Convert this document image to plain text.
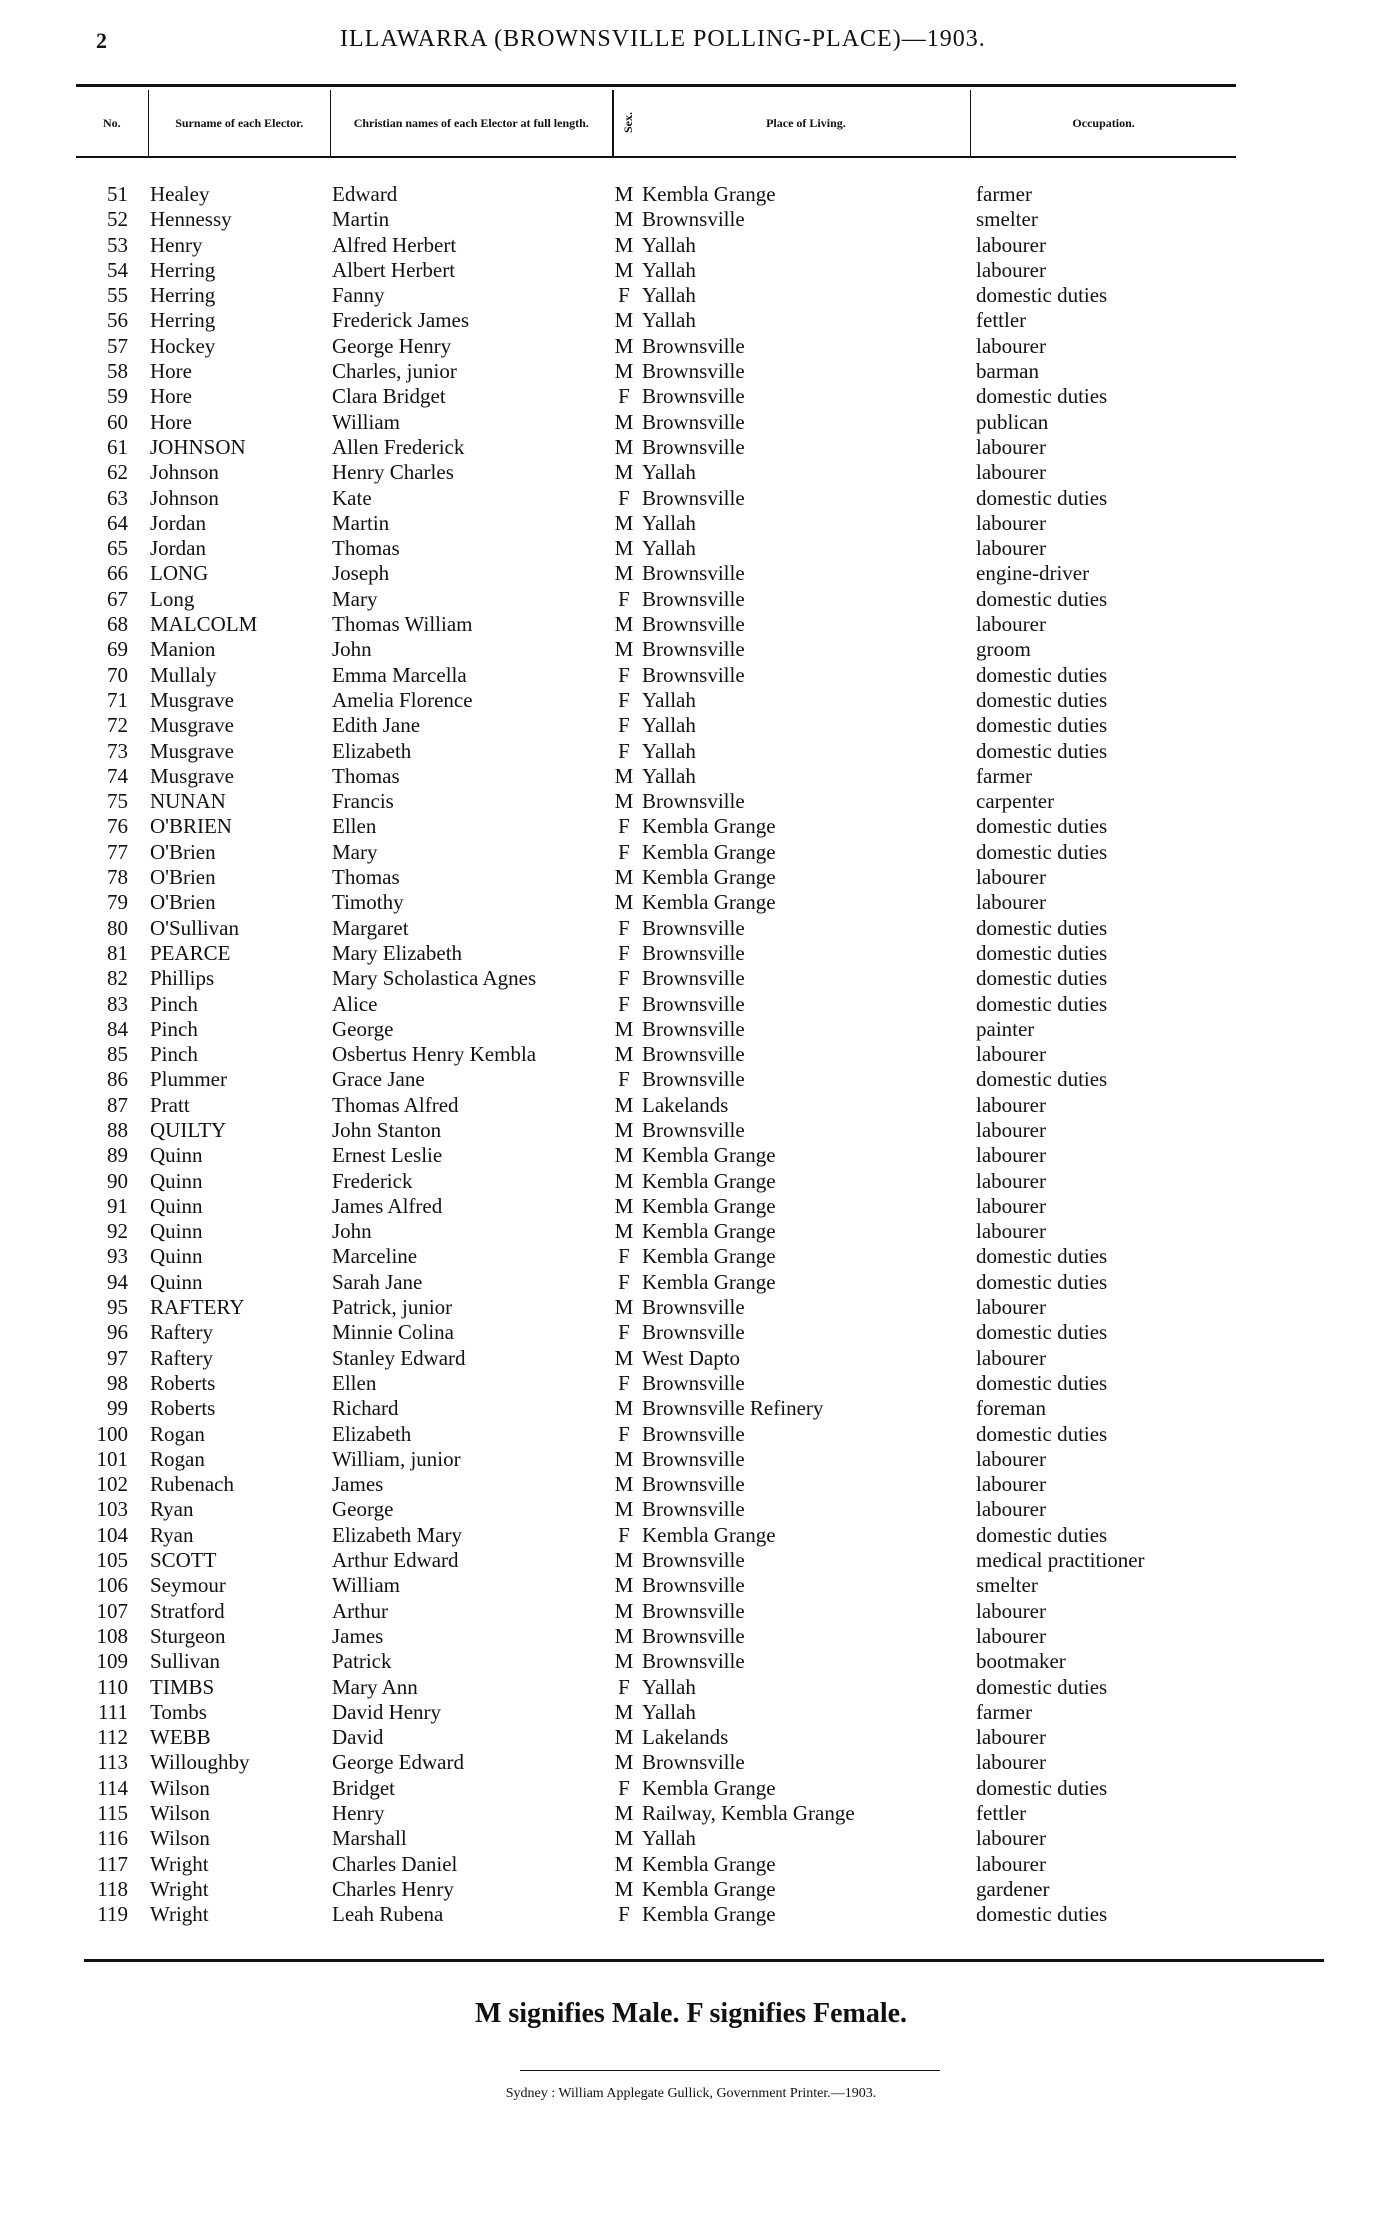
2	ILLAWARRA (BROWNSVILLE POLLING-PLACE)—1903.
No.	Surname of each Elector.	Christian names of each Elector at full length.	Sex.	Place of Living.	Occupation.
51 Healey	Edward	M Kembla Grange	farmer
52 Hennessy	Martin	M Brownsville	smelter
53 Henry	Alfred Herbert	M Yallah	labourer
54 Herring	Albert Herbert	M Yallah	labourer
55 Herring	Fanny	F Yallah	domestic duties
56 Herring	Frederick James	M Yallah	fettler
57 Hockey	George Henry	M Brownsville	labourer
58 Hore	Charles, junior	M Brownsville	barman
59 Hore	Clara Bridget	F Brownsville	domestic duties
60 Hore	William	M Brownsville	publican
61 JOHNSON	Allen Frederick	M Brownsville	labourer
62 Johnson	Henry Charles	M Yallah	labourer
63 Johnson	Kate	F Brownsville	domestic duties
64 Jordan	Martin	M Yallah	labourer
65 Jordan	Thomas	M Yallah	labourer
66 LONG	Joseph	M Brownsville	engine-driver
67 Long	Mary	F Brownsville	domestic duties
68 MALCOLM	Thomas William	M Brownsville	labourer
69 Manion	John	M Brownsville	groom
70 Mullaly	Emma Marcella	F Brownsville	domestic duties
71 Musgrave	Amelia Florence	F Yallah	domestic duties
72 Musgrave	Edith Jane	F Yallah	domestic duties
73 Musgrave	Elizabeth	F Yallah	domestic duties
74 Musgrave	Thomas	M Yallah	farmer
75 NUNAN	Francis	M Brownsville	carpenter
76 O'BRIEN	Ellen	F Kembla Grange	domestic duties
77 O'Brien	Mary	F Kembla Grange	domestic duties
78 O'Brien	Thomas	M Kembla Grange	labourer
79 O'Brien	Timothy	M Kembla Grange	labourer
80 O'Sullivan	Margaret	F Brownsville	domestic duties
81 PEARCE	Mary Elizabeth	F Brownsville	domestic duties
82 Phillips	Mary Scholastica Agnes	F Brownsville	domestic duties
83 Pinch	Alice	F Brownsville	domestic duties
84 Pinch	George	M Brownsville	painter
85 Pinch	Osbertus Henry Kembla	M Brownsville	labourer
86 Plummer	Grace Jane	F Brownsville	domestic duties
87 Pratt	Thomas Alfred	M Lakelands	labourer
88 QUILTY	John Stanton	M Brownsville	labourer
89 Quinn	Ernest Leslie	M Kembla Grange	labourer
90 Quinn	Frederick	M Kembla Grange	labourer
91 Quinn	James Alfred	M Kembla Grange	labourer
92 Quinn	John	M Kembla Grange	labourer
93 Quinn	Marceline	F Kembla Grange	domestic duties
94 Quinn	Sarah Jane	F Kembla Grange	domestic duties
95 RAFTERY	Patrick, junior	M Brownsville	labourer
96 Raftery	Minnie Colina	F Brownsville	domestic duties
97 Raftery	Stanley Edward	M West Dapto	labourer
98 Roberts	Ellen	F Brownsville	domestic duties
99 Roberts	Richard	M Brownsville Refinery	foreman
100 Rogan	Elizabeth	F Brownsville	domestic duties
101 Rogan	William, junior	M Brownsville	labourer
102 Rubenach	James	M Brownsville	labourer
103 Ryan	George	M Brownsville	labourer
104 Ryan	Elizabeth Mary	F Kembla Grange	domestic duties
105 SCOTT	Arthur Edward	M Brownsville	medical practitioner
106 Seymour	William	M Brownsville	smelter
107 Stratford	Arthur	M Brownsville	labourer
108 Sturgeon	James	M Brownsville	labourer
109 Sullivan	Patrick	M Brownsville	bootmaker
110 TIMBS	Mary Ann	F Yallah	domestic duties
111 Tombs	David Henry	M Yallah	farmer
112 WEBB	David	M Lakelands	labourer
113 Willoughby	George Edward	M Brownsville	labourer
114 Wilson	Bridget	F Kembla Grange	domestic duties
115 Wilson	Henry	M Railway, Kembla Grange	fettler
116 Wilson	Marshall	M Yallah	labourer
117 Wright	Charles Daniel	M Kembla Grange	labourer
118 Wright	Charles Henry	M Kembla Grange	gardener
119 Wright	Leah Rubena	F Kembla Grange	domestic duties
M signifies Male. F signifies Female.
Sydney : William Applegate Gullick, Government Printer.—1903.
